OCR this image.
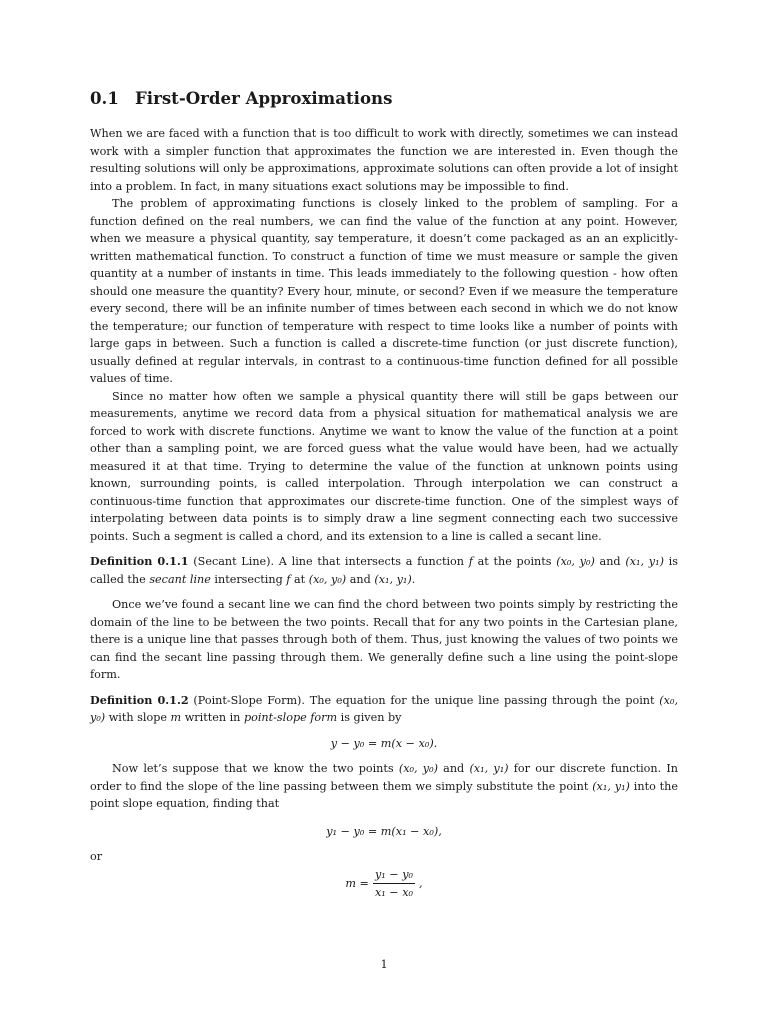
0.1 First-Order Approximations

When we are faced with a function that is too difficult to work with directly, sometimes we can instead work with a simpler function that approximates the function we are interested in. Even though the resulting solutions will only be approximations, approximate solutions can often provide a lot of insight into a problem. In fact, in many situations exact solutions may be impossible to find.

The problem of approximating functions is closely linked to the problem of sampling. For a function defined on the real numbers, we can find the value of the function at any point. However, when we measure a physical quantity, say temperature, it doesn’t come packaged as an an explicitly-written mathematical function. To construct a function of time we must measure or sample the given quantity at a number of instants in time. This leads immediately to the following question - how often should one measure the quantity? Every hour, minute, or second? Even if we measure the temperature every second, there will be an infinite number of times between each second in which we do not know the temperature; our function of temperature with respect to time looks like a number of points with large gaps in between. Such a function is called a discrete-time function (or just discrete function), usually defined at regular intervals, in contrast to a continuous-time function defined for all possible values of time.

Since no matter how often we sample a physical quantity there will still be gaps between our measurements, anytime we record data from a physical situation for mathematical analysis we are forced to work with discrete functions. Anytime we want to know the value of the function at a point other than a sampling point, we are forced guess what the value would have been, had we actually measured it at that time. Trying to determine the value of the function at unknown points using known, surrounding points, is called interpolation. Through interpolation we can construct a continuous-time function that approximates our discrete-time function. One of the simplest ways of interpolating between data points is to simply draw a line segment connecting each two successive points. Such a segment is called a chord, and its extension to a line is called a secant line.

Definition 0.1.1 (Secant Line). A line that intersects a function f at the points (x₀, y₀) and (x₁, y₁) is called the secant line intersecting f at (x₀, y₀) and (x₁, y₁).

Once we’ve found a secant line we can find the chord between two points simply by restricting the domain of the line to be between the two points. Recall that for any two points in the Cartesian plane, there is a unique line that passes through both of them. Thus, just knowing the values of two points we can find the secant line passing through them. We generally define such a line using the point-slope form.

Definition 0.1.2 (Point-Slope Form). The equation for the unique line passing through the point (x₀, y₀) with slope m written in point-slope form is given by

y − y₀ = m(x − x₀).

Now let’s suppose that we know the two points (x₀, y₀) and (x₁, y₁) for our discrete function. In order to find the slope of the line passing between them we simply substitute the point (x₁, y₁) into the point slope equation, finding that

y₁ − y₀ = m(x₁ − x₀),

or

$m = \frac{\text{y₁ − y₀}}{\text{x₁ − x₀}}$ ,
1
